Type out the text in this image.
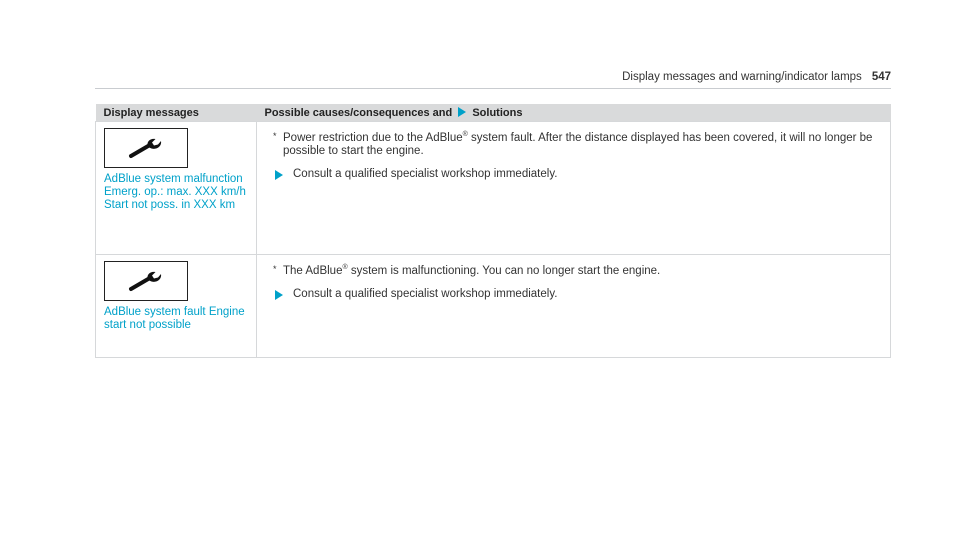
Display messages and warning/indicator lamps 547
Display messages	Possible causes/consequences and Solutions

AdBlue system malfunction Emerg. op.: max. XXX km/h Start not poss. in XXX km	* Power restriction due to the AdBlue® system fault. After the distance displayed has been covered, it will no longer be possible to start the engine.
Consult a qualified specialist workshop immediately.

AdBlue system fault Engine start not possible	* The AdBlue® system is malfunctioning. You can no longer start the engine.
Consult a qualified specialist workshop immediately.
